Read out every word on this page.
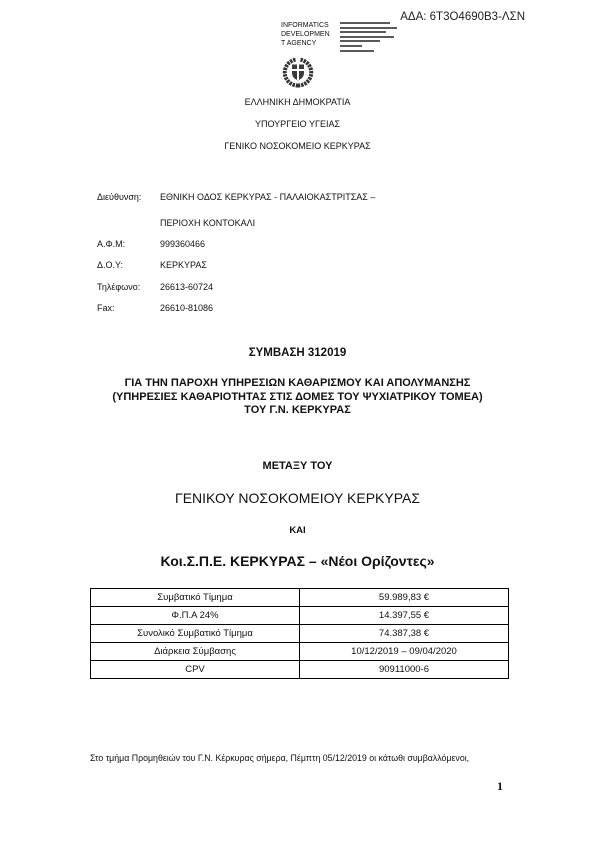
ΑΔΑ: 6Τ3Ο4690Β3-ΛΣΝ
INFORMATICS
DEVELOPMEN
T AGENCY
ΕΛΛΗΝΙΚΗ ΔΗΜΟΚΡΑΤΙΑ
ΥΠΟΥΡΓΕΙΟ ΥΓΕΙΑΣ
ΓΕΝΙΚΟ ΝΟΣΟΚΟΜΕΙΟ ΚΕΡΚΥΡΑΣ
Διεύθυνση: ΕΘΝΙΚΗ ΟΔΟΣ ΚΕΡΚΥΡΑΣ - ΠΑΛΑΙΟΚΑΣΤΡΙΤΣΑΣ –
ΠΕΡΙΟΧΗ ΚΟΝΤΟΚΑΛΙ
Α.Φ.Μ:	999360466
Δ.Ο.Υ:	ΚΕΡΚΥΡΑΣ
Τηλέφωνο: 26613-60724
Fax:	26610-81086
ΣΥΜΒΑΣΗ 312019
ΓΙΑ ΤΗΝ ΠΑΡΟΧΗ ΥΠΗΡΕΣΙΩΝ ΚΑΘΑΡΙΣΜΟΥ ΚΑΙ ΑΠΟΛΥΜΑΝΣΗΣ
(ΥΠΗΡΕΣΙΕΣ ΚΑΘΑΡΙΟΤΗΤΑΣ ΣΤΙΣ ΔΟΜΕΣ ΤΟΥ ΨΥΧΙΑΤΡΙΚΟΥ ΤΟΜΕΑ)
ΤΟΥ Γ.Ν. ΚΕΡΚΥΡΑΣ
ΜΕΤΑΞΥ ΤΟΥ
ΓΕΝΙΚΟΥ ΝΟΣΟΚΟΜΕΙΟΥ ΚΕΡΚΥΡΑΣ
ΚΑΙ
Κοι.Σ.Π.Ε. ΚΕΡΚΥΡΑΣ – «Νέοι Ορίζοντες»
Συμβατικό Τίμημα	59.989,83 €
Φ.Π.Α 24%	14.397,55 €
Συνολικό Συμβατικό Τίμημα	74.387,38 €
Διάρκεια Σύμβασης	10/12/2019 – 09/04/2020
CPV	90911000-6
Στο τμήμα Προμηθειών του Γ.Ν. Κέρκυρας σήμερα, Πέμπτη 05/12/2019 οι κάτωθι συμβαλλόμενοι,
1
